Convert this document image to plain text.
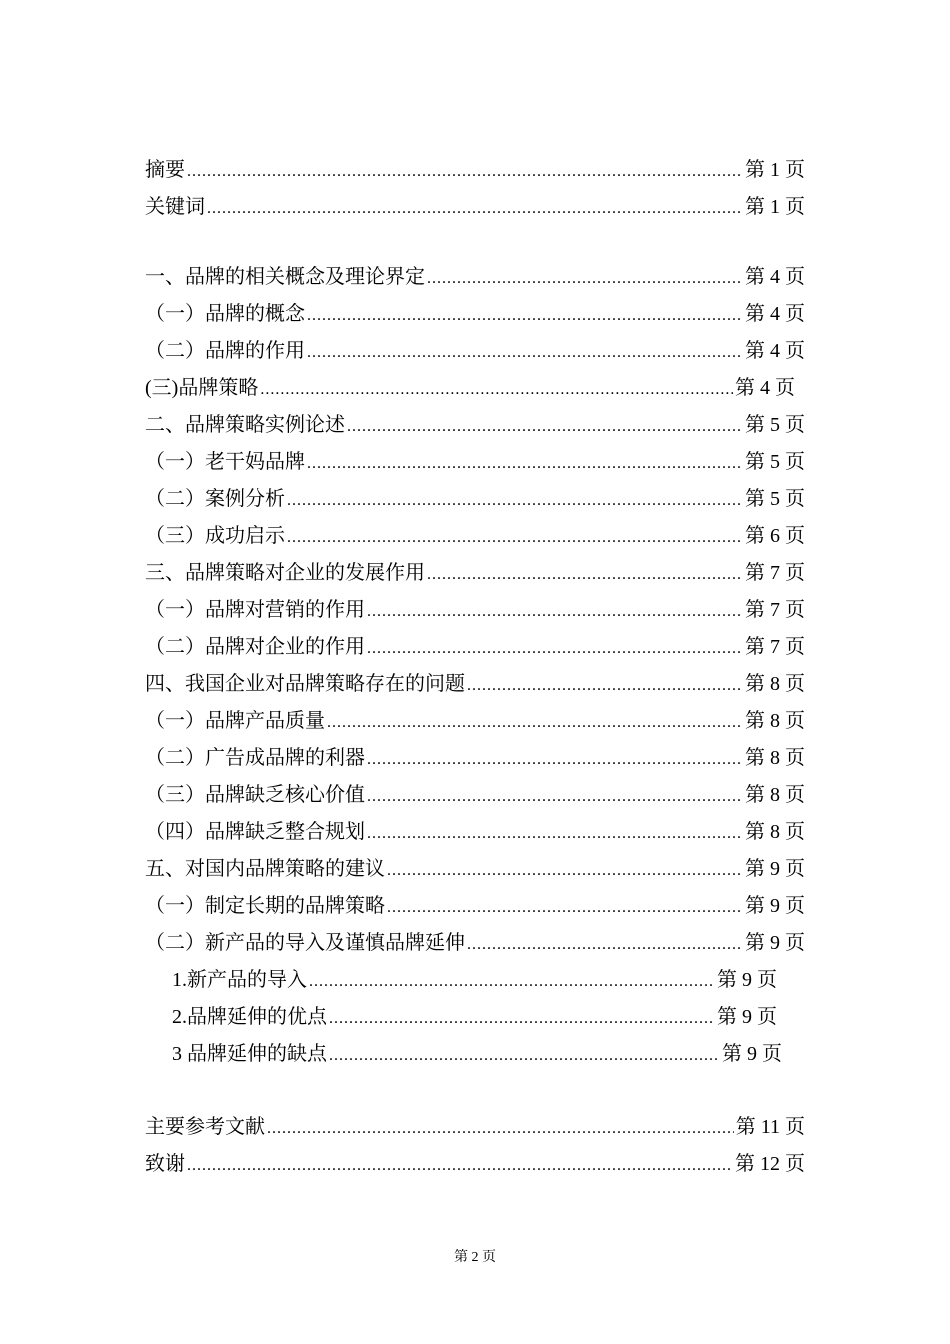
摘要 .....	第 1 页
关键词 .....	第 1 页
一、品牌的相关概念及理论界定 .....	第 4 页
（一）品牌的概念 .....	第 4 页
（二）品牌的作用 .....	第 4 页
(三)品牌策略 .....	第 4 页
二、品牌策略实例论述 .....	第 5 页
（一）老干妈品牌 .....	第 5 页
（二）案例分析 .....	第 5 页
（三）成功启示 .....	第 6 页
三、品牌策略对企业的发展作用 .....	第 7 页
（一）品牌对营销的作用 .....	第 7 页
（二）品牌对企业的作用 .....	第 7 页
四、我国企业对品牌策略存在的问题 .....	第 8 页
（一）品牌产品质量 .....	第 8 页
（二）广告成品牌的利器 .....	第 8 页
（三）品牌缺乏核心价值 .....	第 8 页
（四）品牌缺乏整合规划 .....	第 8 页
五、对国内品牌策略的建议 .....	第 9 页
（一）制定长期的品牌策略 .....	第 9 页
（二）新产品的导入及谨慎品牌延伸 .....	第 9 页
1.新产品的导入 .....	第 9 页
2.品牌延伸的优点 .....	第 9 页
3 品牌延伸的缺点 .....	第 9 页
主要参考文献 .....	第 11 页
致谢 .....	第 12 页
第 2 页
